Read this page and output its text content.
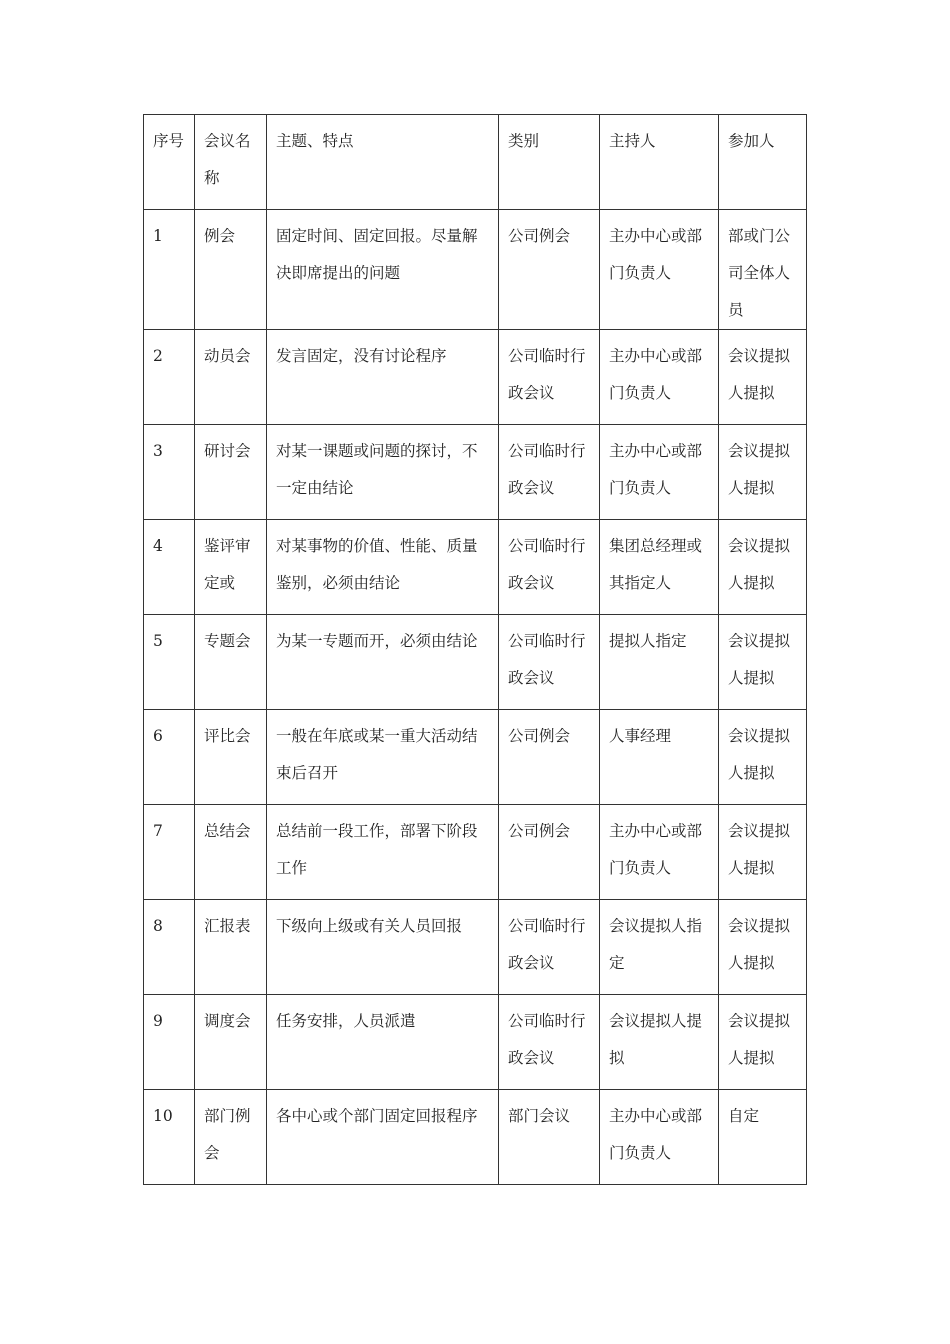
序号	会议名称	主题、特点	类别	主持人	参加人
1	例会	固定时间、固定回报。尽量解决即席提出的问题	公司例会	主办中心或部门负责人	部或门公司全体人员
2	动员会	发言固定，没有讨论程序	公司临时行政会议	主办中心或部门负责人	会议提拟人提拟
3	研讨会	对某一课题或问题的探讨，不一定由结论	公司临时行政会议	主办中心或部门负责人	会议提拟人提拟
4	鉴评审定或	对某事物的价值、性能、质量鉴别，必须由结论	公司临时行政会议	集团总经理或其指定人	会议提拟人提拟
5	专题会	为某一专题而开，必须由结论	公司临时行政会议	提拟人指定	会议提拟人提拟
6	评比会	一般在年底或某一重大活动结束后召开	公司例会	人事经理	会议提拟人提拟
7	总结会	总结前一段工作，部署下阶段工作	公司例会	主办中心或部门负责人	会议提拟人提拟
8	汇报表	下级向上级或有关人员回报	公司临时行政会议	会议提拟人指定	会议提拟人提拟
9	调度会	任务安排，人员派遣	公司临时行政会议	会议提拟人提拟	会议提拟人提拟
10	部门例会	各中心或个部门固定回报程序	部门会议	主办中心或部门负责人	自定
